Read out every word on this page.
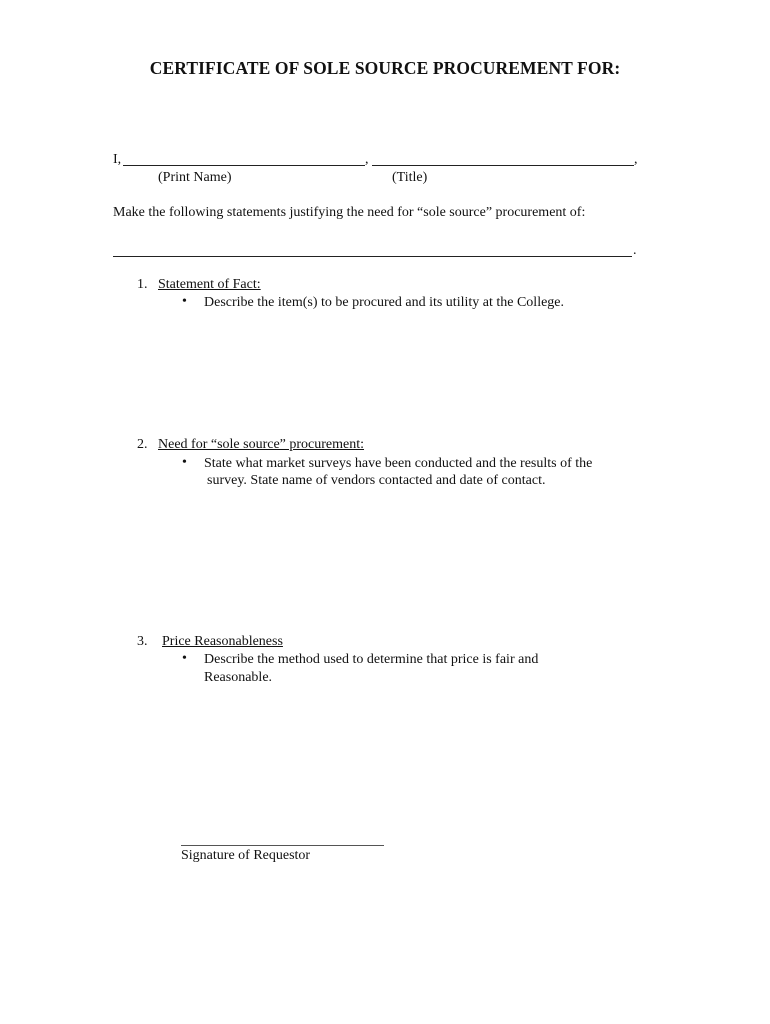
CERTIFICATE OF SOLE SOURCE PROCUREMENT FOR:
I,	,	,
(Print Name)	(Title)
Make the following statements justifying the need for “sole source” procurement of:
.
1. Statement of Fact:
• Describe the item(s) to be procured and its utility at the College.
2. Need for “sole source” procurement:
• State what market surveys have been conducted and the results of the
survey. State name of vendors contacted and date of contact.
3. Price Reasonableness
• Describe the method used to determine that price is fair and
Reasonable.
Signature of Requestor
